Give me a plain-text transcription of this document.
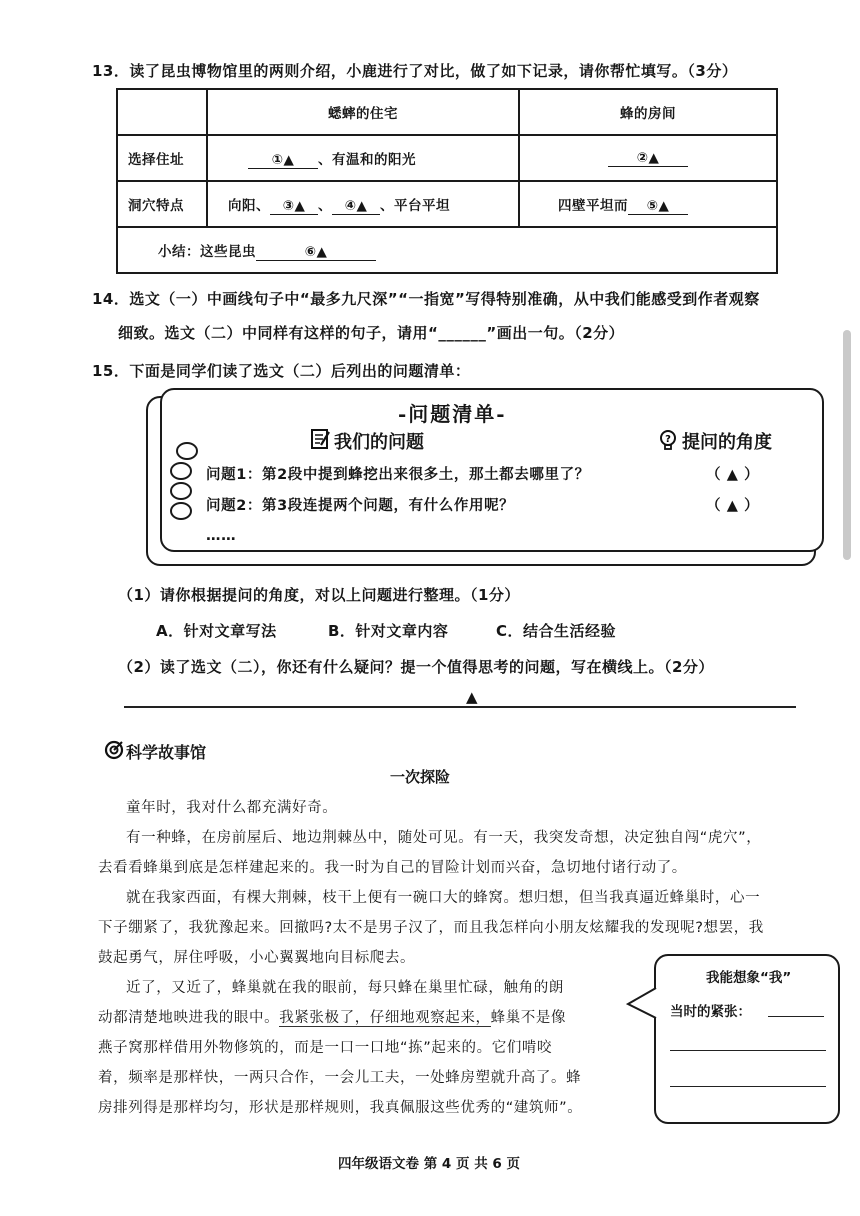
13．读了昆虫博物馆里的两则介绍，小鹿进行了对比，做了如下记录，请你帮忙填写。（3分）
	蟋蟀的住宅	蜂的房间
选择住址	①▲ 、有温和的阳光	②▲
洞穴特点	向阳、 ③▲ 、 ④▲ 、平台平坦	四壁平坦而 ⑤▲
小结：这些昆虫 ⑥▲		
14．选文（一）中画线句子中“最多九尺深”“一指宽”写得特别准确，从中我们能感受到作者观察
细致。选文（二）中同样有这样的句子，请用“______”画出一句。（2分）
15．下面是同学们读了选文（二）后列出的问题清单：
-问题清单-
我们的问题	? 提问的角度
问题1：第2段中提到蜂挖出来很多土，那土都去哪里了？	（ ▲ ）
问题2：第3段连提两个问题，有什么作用呢？	（ ▲ ）
……
（1）请你根据提问的角度，对以上问题进行整理。（1分）
A．针对文章写法	B．针对文章内容	C．结合生活经验
（2）读了选文（二），你还有什么疑问？提一个值得思考的问题，写在横线上。（2分）
▲
科学故事馆
一次探险
童年时，我对什么都充满好奇。
有一种蜂，在房前屋后、地边荆棘丛中，随处可见。有一天，我突发奇想，决定独自闯“虎穴”，
去看看蜂巢到底是怎样建起来的。我一时为自己的冒险计划而兴奋，急切地付诸行动了。
就在我家西面，有棵大荆棘，枝干上便有一碗口大的蜂窝。想归想，但当我真逼近蜂巢时，心一
下子绷紧了，我犹豫起来。回撤吗?太不是男子汉了，而且我怎样向小朋友炫耀我的发现呢?想罢，我
鼓起勇气，屏住呼吸，小心翼翼地向目标爬去。
近了，又近了，蜂巢就在我的眼前，每只蜂在巢里忙碌，触角的朗
动都清楚地映进我的眼中。我紧张极了，仔细地观察起来，蜂巢不是像
燕子窝那样借用外物修筑的，而是一口一口地“拣”起来的。它们啃咬
着，频率是那样快，一两只合作，一会儿工夫，一处蜂房塑就升高了。蜂
房排列得是那样均匀，形状是那样规则，我真佩服这些优秀的“建筑师”。
我能想象“我”
当时的紧张：
四年级语文卷 第 4 页 共 6 页
